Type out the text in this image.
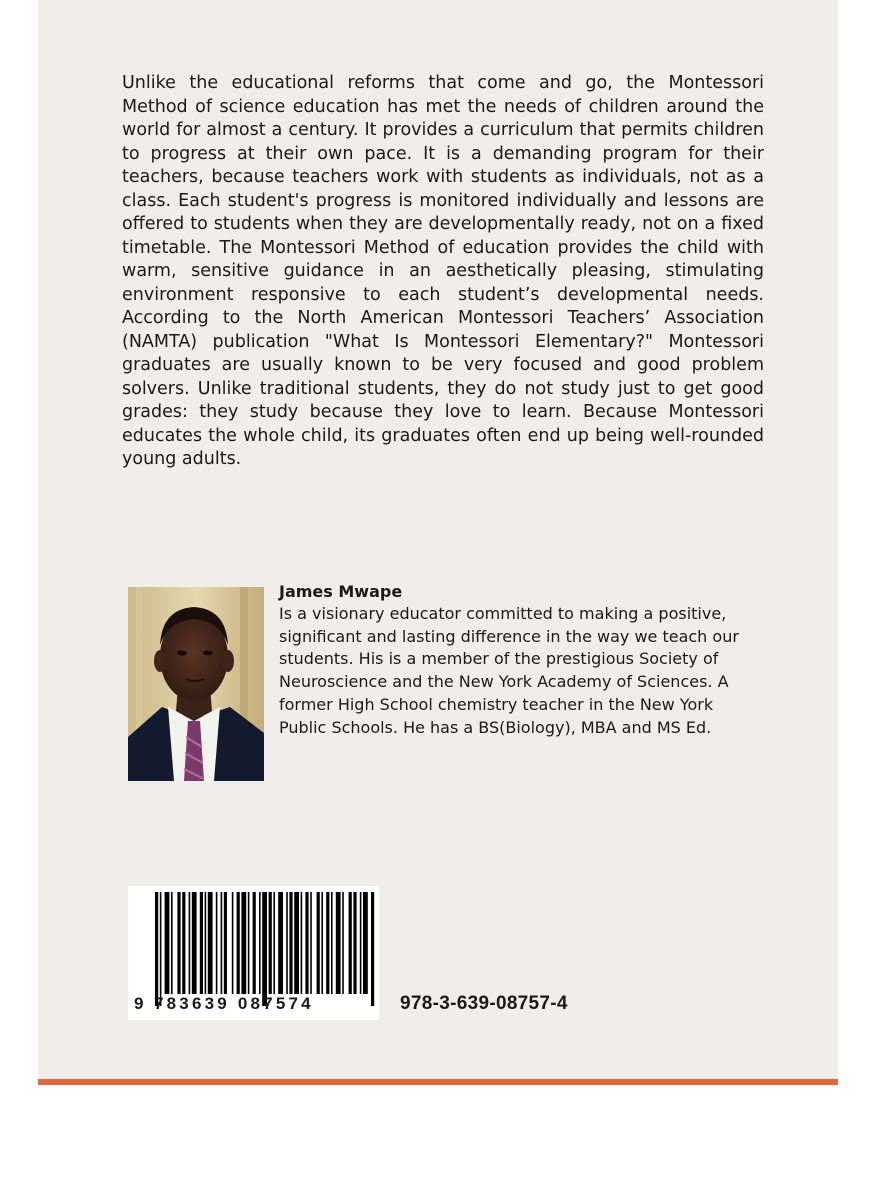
Unlike the educational reforms that come and go, the Montessori Method of science education has met the needs of children around the world for almost a century. It provides a curriculum that permits children to progress at their own pace. It is a demanding program for their teachers, because teachers work with students as individuals, not as a class. Each student's progress is monitored individually and lessons are offered to students when they are developmentally ready, not on a fixed timetable. The Montessori Method of education provides the child with warm, sensitive guidance in an aesthetically pleasing, stimulating environment responsive to each student’s developmental needs. According to the North American Montessori Teachers’ Association (NAMTA) publication "What Is Montessori Elementary?" Montessori graduates are usually known to be very focused and good problem solvers. Unlike traditional students, they do not study just to get good grades: they study because they love to learn. Because Montessori educates the whole child, its graduates often end up being well-rounded young adults.

James Mwape

Is a visionary educator committed to making a positive, significant and lasting difference in the way we teach our students. His is a member of the prestigious Society of Neuroscience and the New York Academy of Sciences. A former High School chemistry teacher in the New York Public Schools. He has a BS(Biology), MBA and MS Ed.

9 783639 087574	978-3-639-08757-4
